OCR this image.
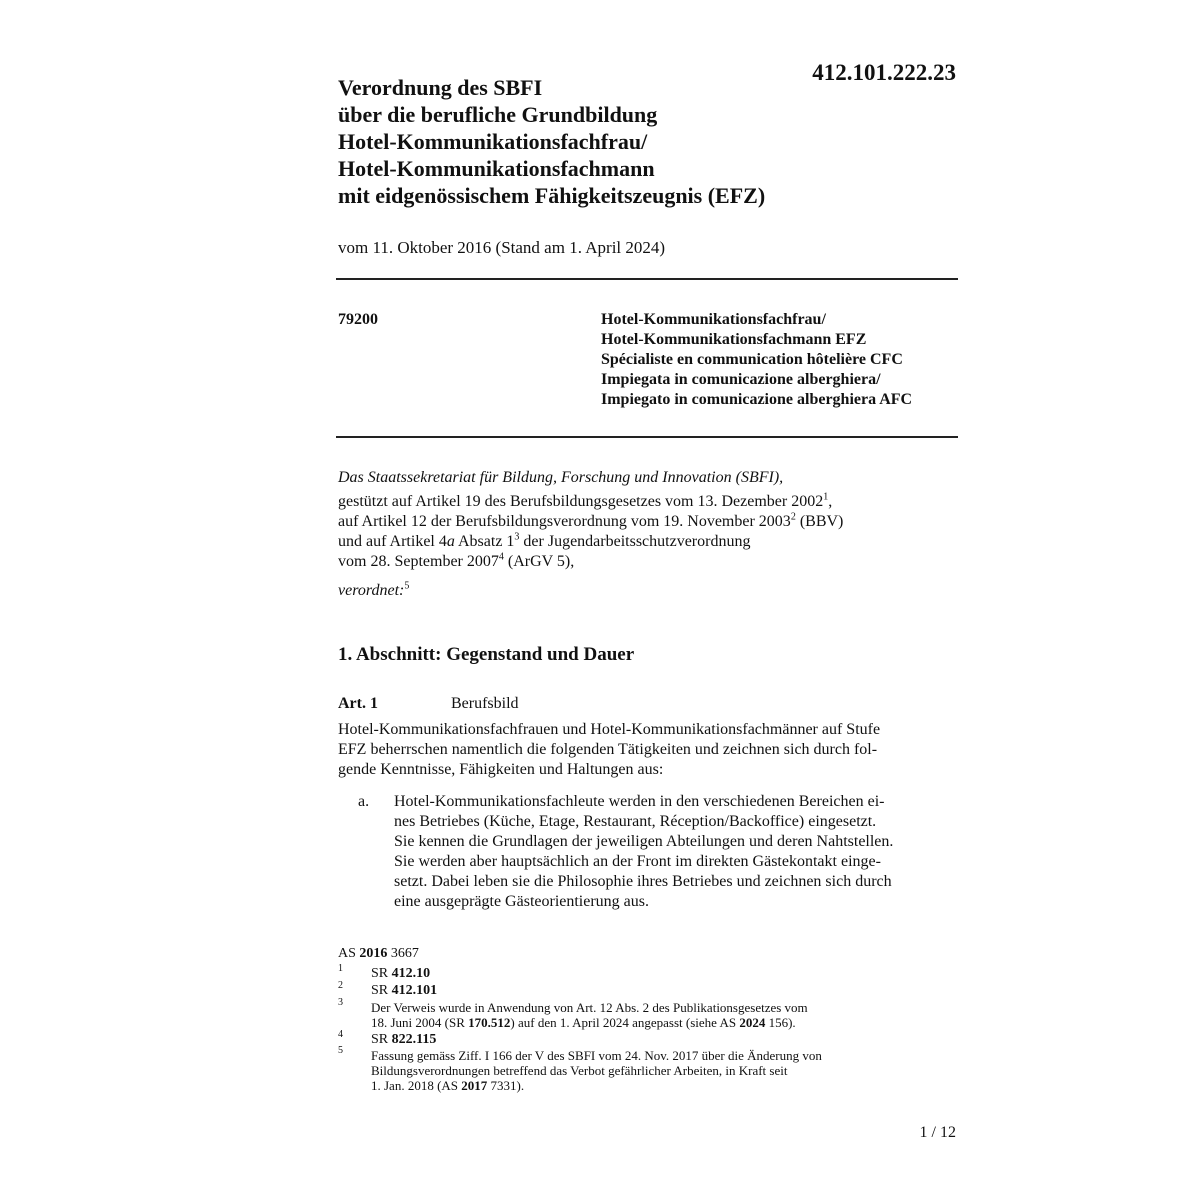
412.101.222.23
Verordnung des SBFI
über die berufliche Grundbildung
Hotel-Kommunikationsfachfrau/
Hotel-Kommunikationsfachmann
mit eidgenössischem Fähigkeitszeugnis (EFZ)
vom 11. Oktober 2016 (Stand am 1. April 2024)
79200	Hotel-Kommunikationsfachfrau/
Hotel-Kommunikationsfachmann EFZ
Spécialiste en communication hôtelière CFC
Impiegata in comunicazione alberghiera/
Impiegato in comunicazione alberghiera AFC
Das Staatssekretariat für Bildung, Forschung und Innovation (SBFI),
gestützt auf Artikel 19 des Berufsbildungsgesetzes vom 13. Dezember 2002$^1$,
auf Artikel 12 der Berufsbildungsverordnung vom 19. November 2003$^2$ (BBV)
und auf Artikel 4a Absatz $1^3$ der Jugendarbeitsschutzverordnung
vom 28. September 2007$^4$ (ArGV 5),
verordnet:$^5$
1. Abschnitt: Gegenstand und Dauer
Art. 1	Berufsbild
Hotel-Kommunikationsfachfrauen und Hotel-Kommunikationsfachmänner auf Stufe
EFZ beherrschen namentlich die folgenden Tätigkeiten und zeichnen sich durch fol-
gende Kenntnisse, Fähigkeiten und Haltungen aus:
a. Hotel-Kommunikationsfachleute werden in den verschiedenen Bereichen ei-
nes Betriebes (Küche, Etage, Restaurant, Réception/Backoffice) eingesetzt.
Sie kennen die Grundlagen der jeweiligen Abteilungen und deren Nahtstellen.
Sie werden aber hauptsächlich an der Front im direkten Gästekontakt einge-
setzt. Dabei leben sie die Philosophie ihres Betriebes und zeichnen sich durch
eine ausgeprägte Gästeorientierung aus.
AS 2016 3667
1 SR 412.10
2 SR 412.101
3 Der Verweis wurde in Anwendung von Art. 12 Abs. 2 des Publikationsgesetzes vom
18. Juni 2004 (SR 170.512) auf den 1. April 2024 angepasst (siehe AS 2024 156).
4 SR 822.115
5 Fassung gemäss Ziff. I 166 der V des SBFI vom 24. Nov. 2017 über die Änderung von
Bildungsverordnungen betreffend das Verbot gefährlicher Arbeiten, in Kraft seit
1. Jan. 2018 (AS 2017 7331).
1 / 12
